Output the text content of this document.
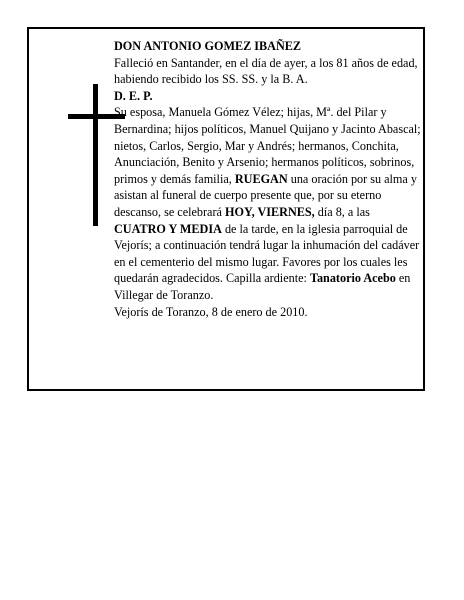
DON ANTONIO GOMEZ IBAÑEZ

Falleció en Santander, en el día de ayer, a los 81 años de edad, habiendo recibido los SS. SS. y la B. A.

D. E. P.

Su esposa, Manuela Gómez Vélez; hijas, Mª. del Pilar y Bernardina; hijos políticos, Manuel Quijano y Jacinto Abascal; nietos, Carlos, Sergio, Mar y Andrés; hermanos, Conchita, Anunciación, Benito y Arsenio; hermanos políticos, sobrinos, primos y demás familia, RUEGAN una oración por su alma y asistan al funeral de cuerpo presente que, por su eterno descanso, se celebrará HOY, VIERNES, día 8, a las CUATRO Y MEDIA de la tarde, en la iglesia parroquial de Vejorís; a continuación tendrá lugar la inhumación del cadáver en el cementerio del mismo lugar. Favores por los cuales les quedarán agradecidos. Capilla ardiente: Tanatorio Acebo en Villegar de Toranzo.

Vejorís de Toranzo, 8 de enero de 2010.
